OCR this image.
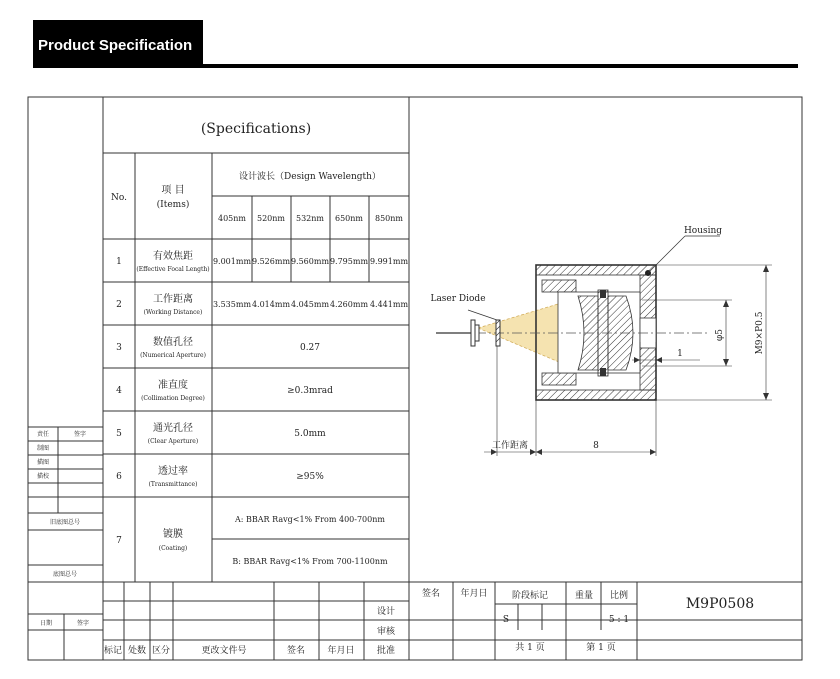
Product Specification
(Specifications)
No.
项 目
(Items)
设计波长（Design Wavelength）
405nm 520nm 532nm 650nm 850nm
1	有效焦距
(Effective Focal Length)
9.001mm 9.526mm 9.560mm 9.795mm 9.991mm
2	工作距离
(Working Distance)
3.535mm 4.014mm 4.045mm 4.260mm 4.441mm
3	数值孔径
(Numerical Aperture)
0.27
4	准直度
(Collimation Degree)
≥0.3mrad
5	通光孔径
(Clear Aperture)
5.0mm
6	透过率
(Transmittance)
≥95%
7
镀膜
(Coating)
A: BBAR Ravg<1% From 400-700nm
B: BBAR Ravg<1% From 700-1100nm
责任	签字
制图
描图
描校
旧底图总号
底图总号
日期	签字
标记 处数 区分	更改文件号	签名 年月日
设计
审核
批准
签名 年月日	阶段标记	重量 比例
S	5 : 1
共 1 页	第 1 页
M9P0508
Housing
Laser Diode
φ5	M9×P0.5
1
工作距离	8
